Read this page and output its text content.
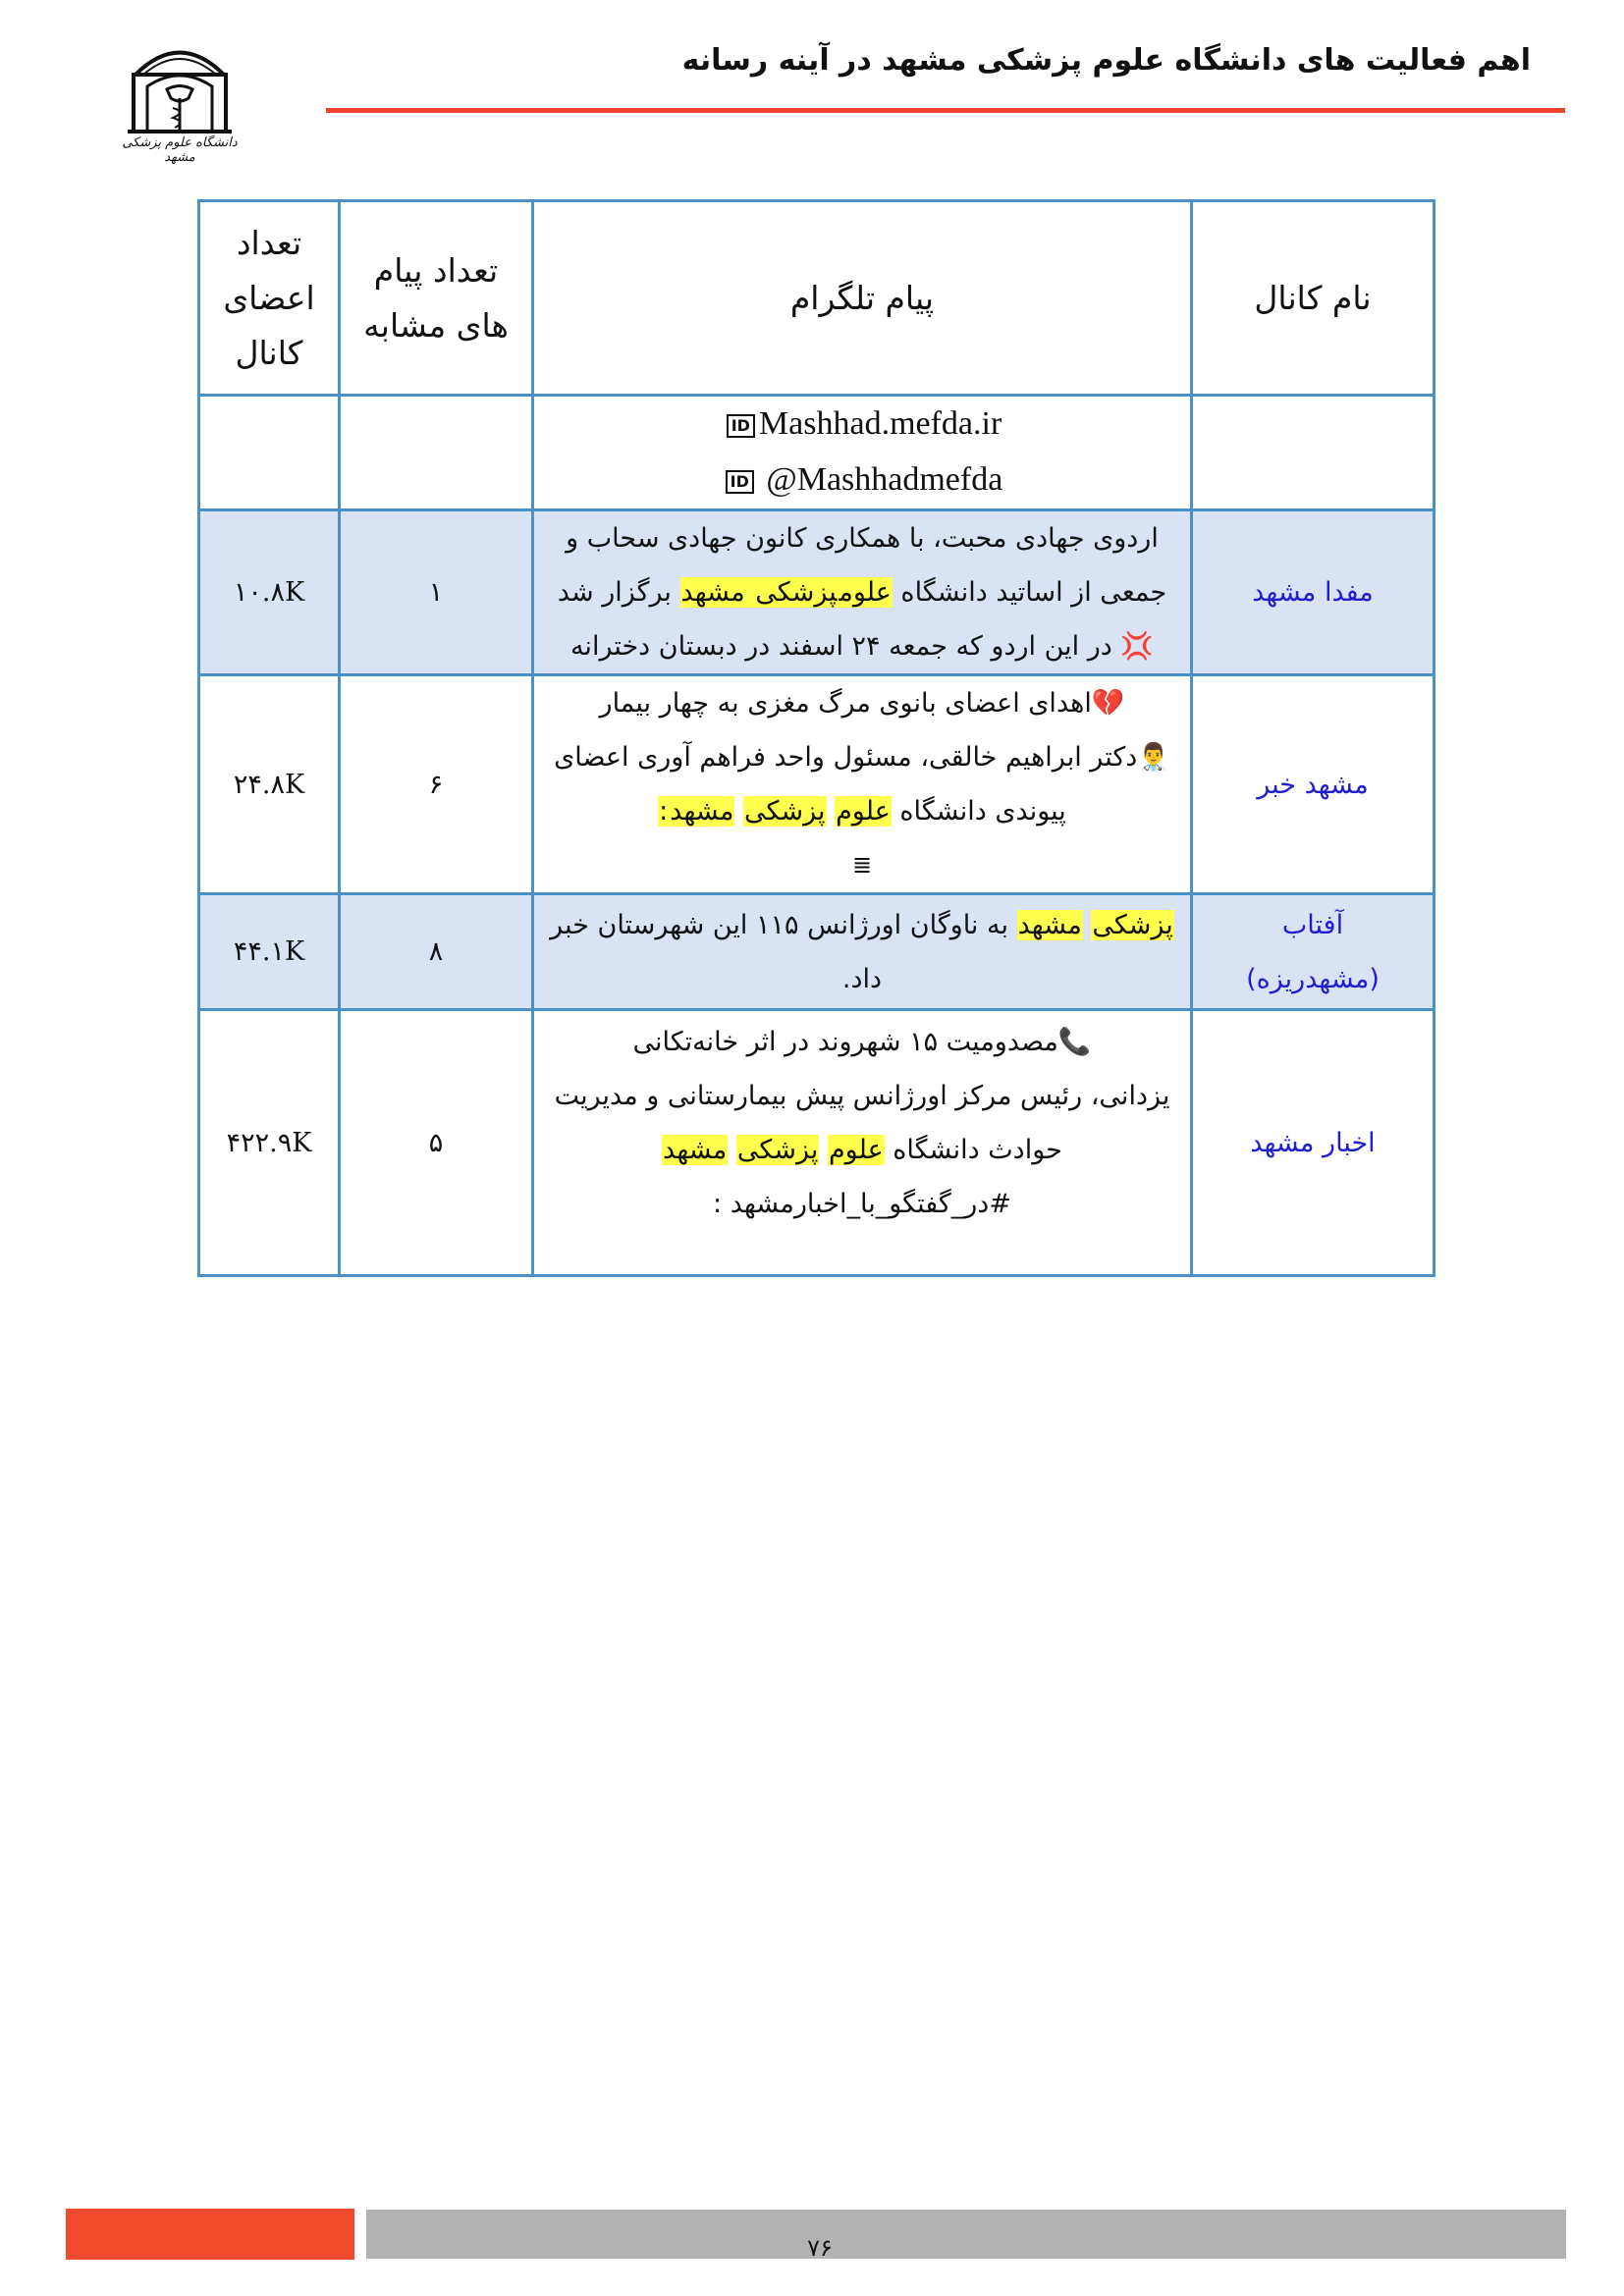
اهم فعالیت های دانشگاه علوم پزشکی مشهد در آینه رسانه
دانشگاه علوم پزشکی مشهد
نام کانال	پیام تلگرام	تعداد پیام های مشابه	تعداد اعضای کانال

	ID Mashhad.mefda.ir
ID @Mashhadmefda		

مفدا مشهد	اردوی جهادی محبت، با همکاری کانون جهادی سحاب و
جمعی از اساتید دانشگاه علومپزشکی مشهد برگزار شد
💢 در این اردو که جمعه ۲۴ اسفند در دبستان دخترانه	۱	۱۰.۸K
مشهد خبر	💔اهدای اعضای بانوی مرگ مغزی به چهار بیمار
👨‍⚕️دکتر ابراهیم خالقی، مسئول واحد فراهم آوری اعضای
پیوندی دانشگاه علوم پزشکی مشهد:
≣	۶	۲۴.۸K

آفتاب
(مشهدریزه)	پزشکی مشهد به ناوگان اورژانس ۱۱۵ این شهرستان خبر
داد.	۸	۴۴.۱K
اخبار مشهد	📞مصدومیت ۱۵ شهروند در اثر خانه‌تکانی
یزدانی، رئیس مرکز اورژانس پیش بیمارستانی و مدیریت
حوادث دانشگاه علوم پزشکی مشهد
#در_گفتگو_با_اخبارمشهد :	۵	۴۲۲.۹K
۷۶
